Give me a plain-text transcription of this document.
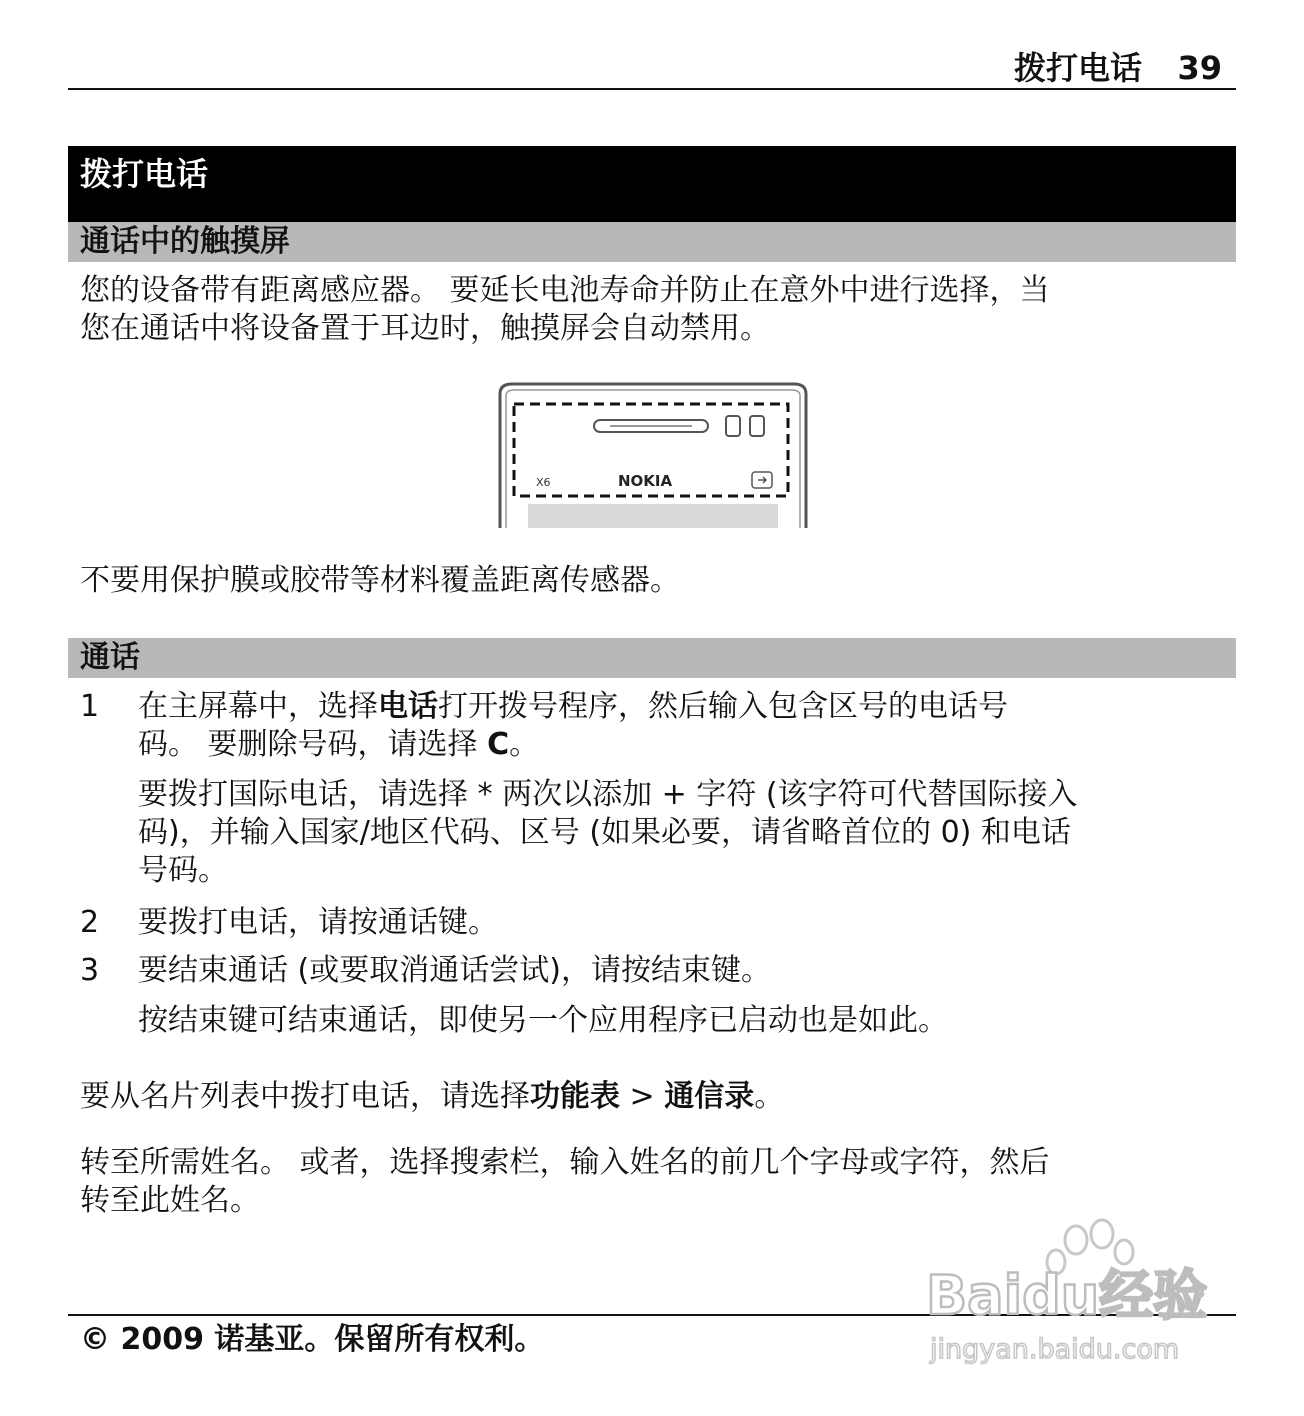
拨打电话 39
拨打电话
通话中的触摸屏
您的设备带有距离感应器。 要延长电池寿命并防止在意外中进行选择，当
您在通话中将设备置于耳边时，触摸屏会自动禁用。
X6	NOKIA
不要用保护膜或胶带等材料覆盖距离传感器。
通话
1 在主屏幕中，选择电话打开拨号程序，然后输入包含区号的电话号
码。 要删除号码，请选择 C。
要拨打国际电话，请选择 * 两次以添加 + 字符 (该字符可代替国际接入
码)，并输入国家/地区代码、区号 (如果必要，请省略首位的 0) 和电话
号码。
2 要拨打电话，请按通话键。
3 要结束通话 (或要取消通话尝试)，请按结束键。
按结束键可结束通话，即使另一个应用程序已启动也是如此。
要从名片列表中拨打电话，请选择功能表 > 通信录。
转至所需姓名。 或者，选择搜索栏，输入姓名的前几个字母或字符，然后
转至此姓名。
© 2009 诺基亚。保留所有权利。
Baidu经验
jingyan.baidu.com
